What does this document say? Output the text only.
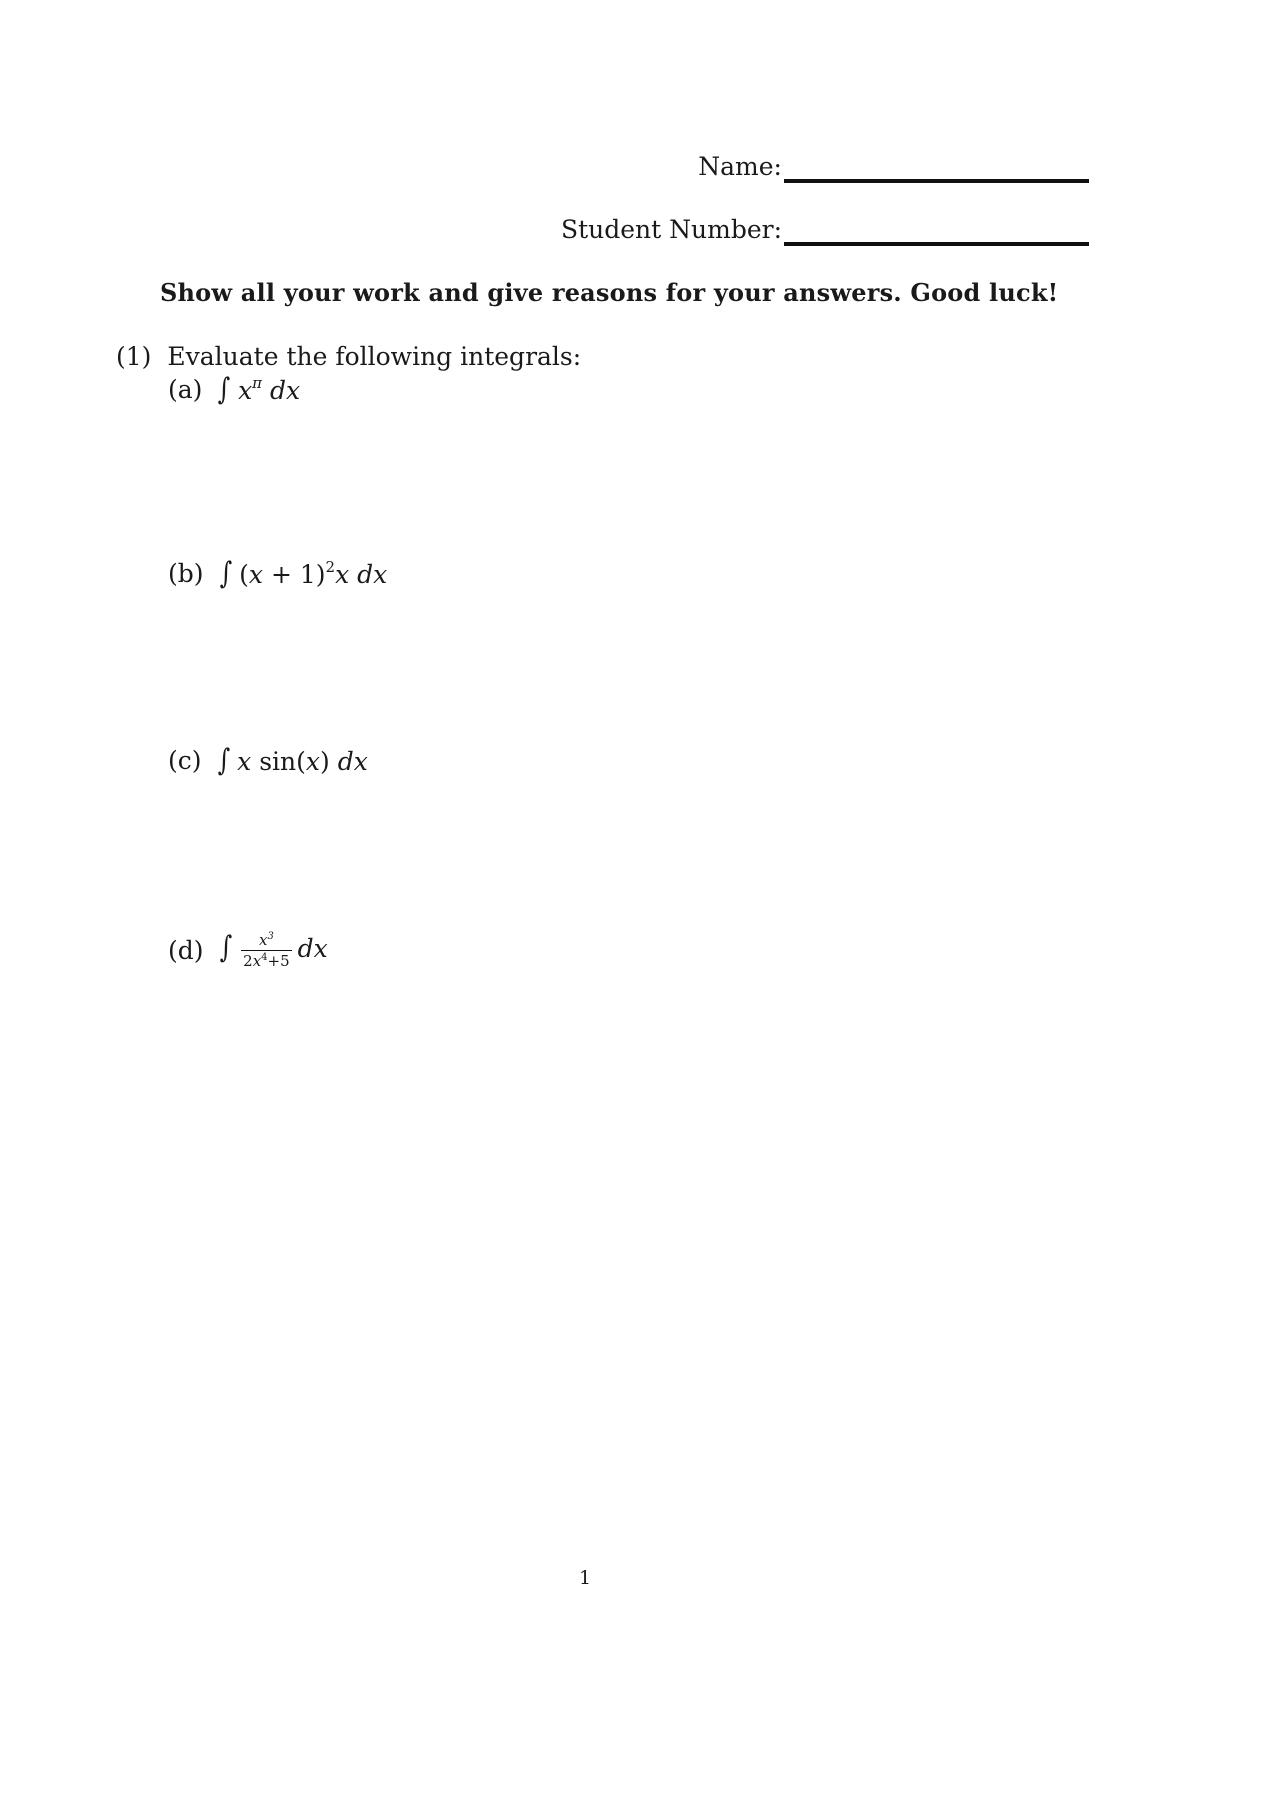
Name:
Student Number:
Show all your work and give reasons for your answers. Good luck!
(1) Evaluate the following integrals:
(a) ∫ $x^\pi$ dx
(b) ∫ $(x + 1)^2x$ dx
(c) ∫ x sin(x) dx
(d) ∫ $\frac{x^3}{2x^4+5}$ dx
1
